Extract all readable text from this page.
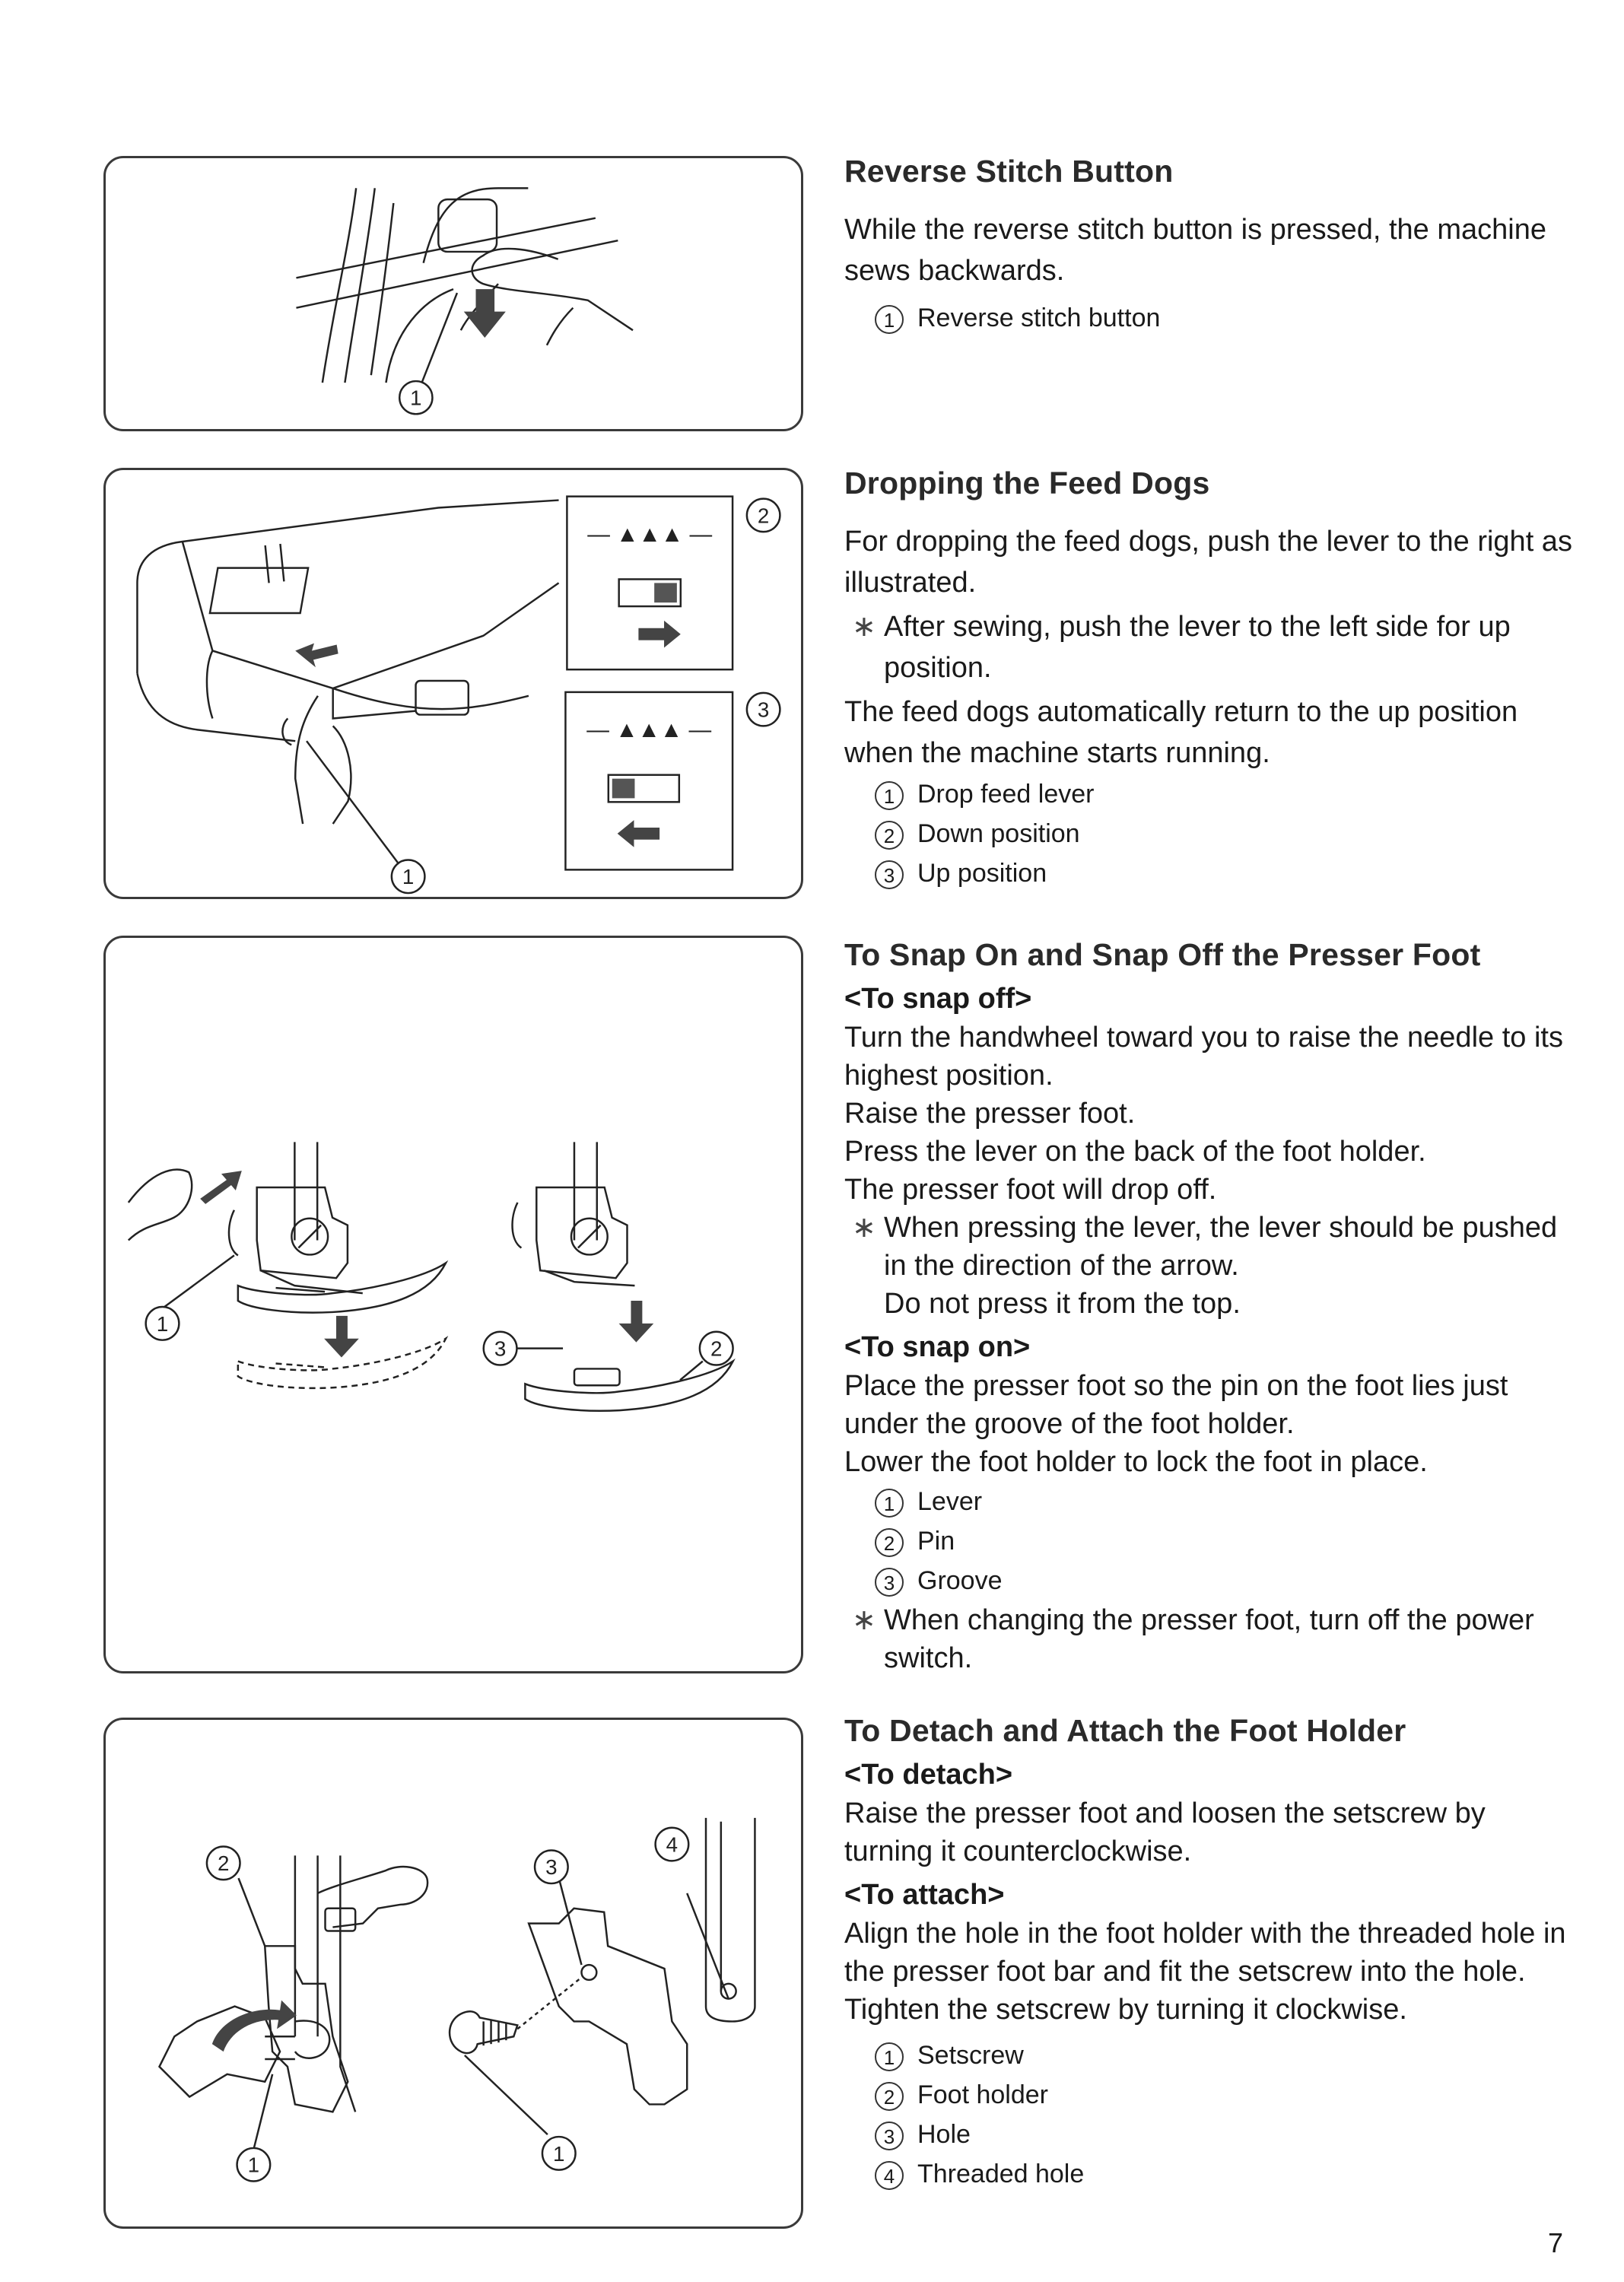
1
1
— ▲▲▲ —
2
— ▲▲▲ —
3
1
2
3
2
1
3
4
1
Reverse Stitch Button

While the reverse stitch button is pressed, the machine sews backwards.

1 Reverse stitch button
Dropping the Feed Dogs

For dropping the feed dogs, push the lever to the right as illustrated.

∗ After sewing, push the lever to the left side for up position.

The feed dogs automatically return to the up position when the machine starts running.

1 Drop feed lever
2 Down position
3 Up position
To Snap On and Snap Off the Presser Foot

<To snap off>

Turn the handwheel toward you to raise the needle to its highest position.

Raise the presser foot.

Press the lever on the back of the foot holder.

The presser foot will drop off.

∗ When pressing the lever, the lever should be pushed in the direction of the arrow.
Do not press it from the top.

<To snap on>

Place the presser foot so the pin on the foot lies just under the groove of the foot holder.

Lower the foot holder to lock the foot in place.

1 Lever
2 Pin
3 Groove

∗ When changing the presser foot, turn off the power switch.

To Detach and Attach the Foot Holder

<To detach>

Raise the presser foot and loosen the setscrew by turning it counterclockwise.

<To attach>

Align the hole in the foot holder with the threaded hole in the presser foot bar and fit the setscrew into the hole. Tighten the setscrew by turning it clockwise.

1 Setscrew
2 Foot holder
3 Hole
4 Threaded hole
7
